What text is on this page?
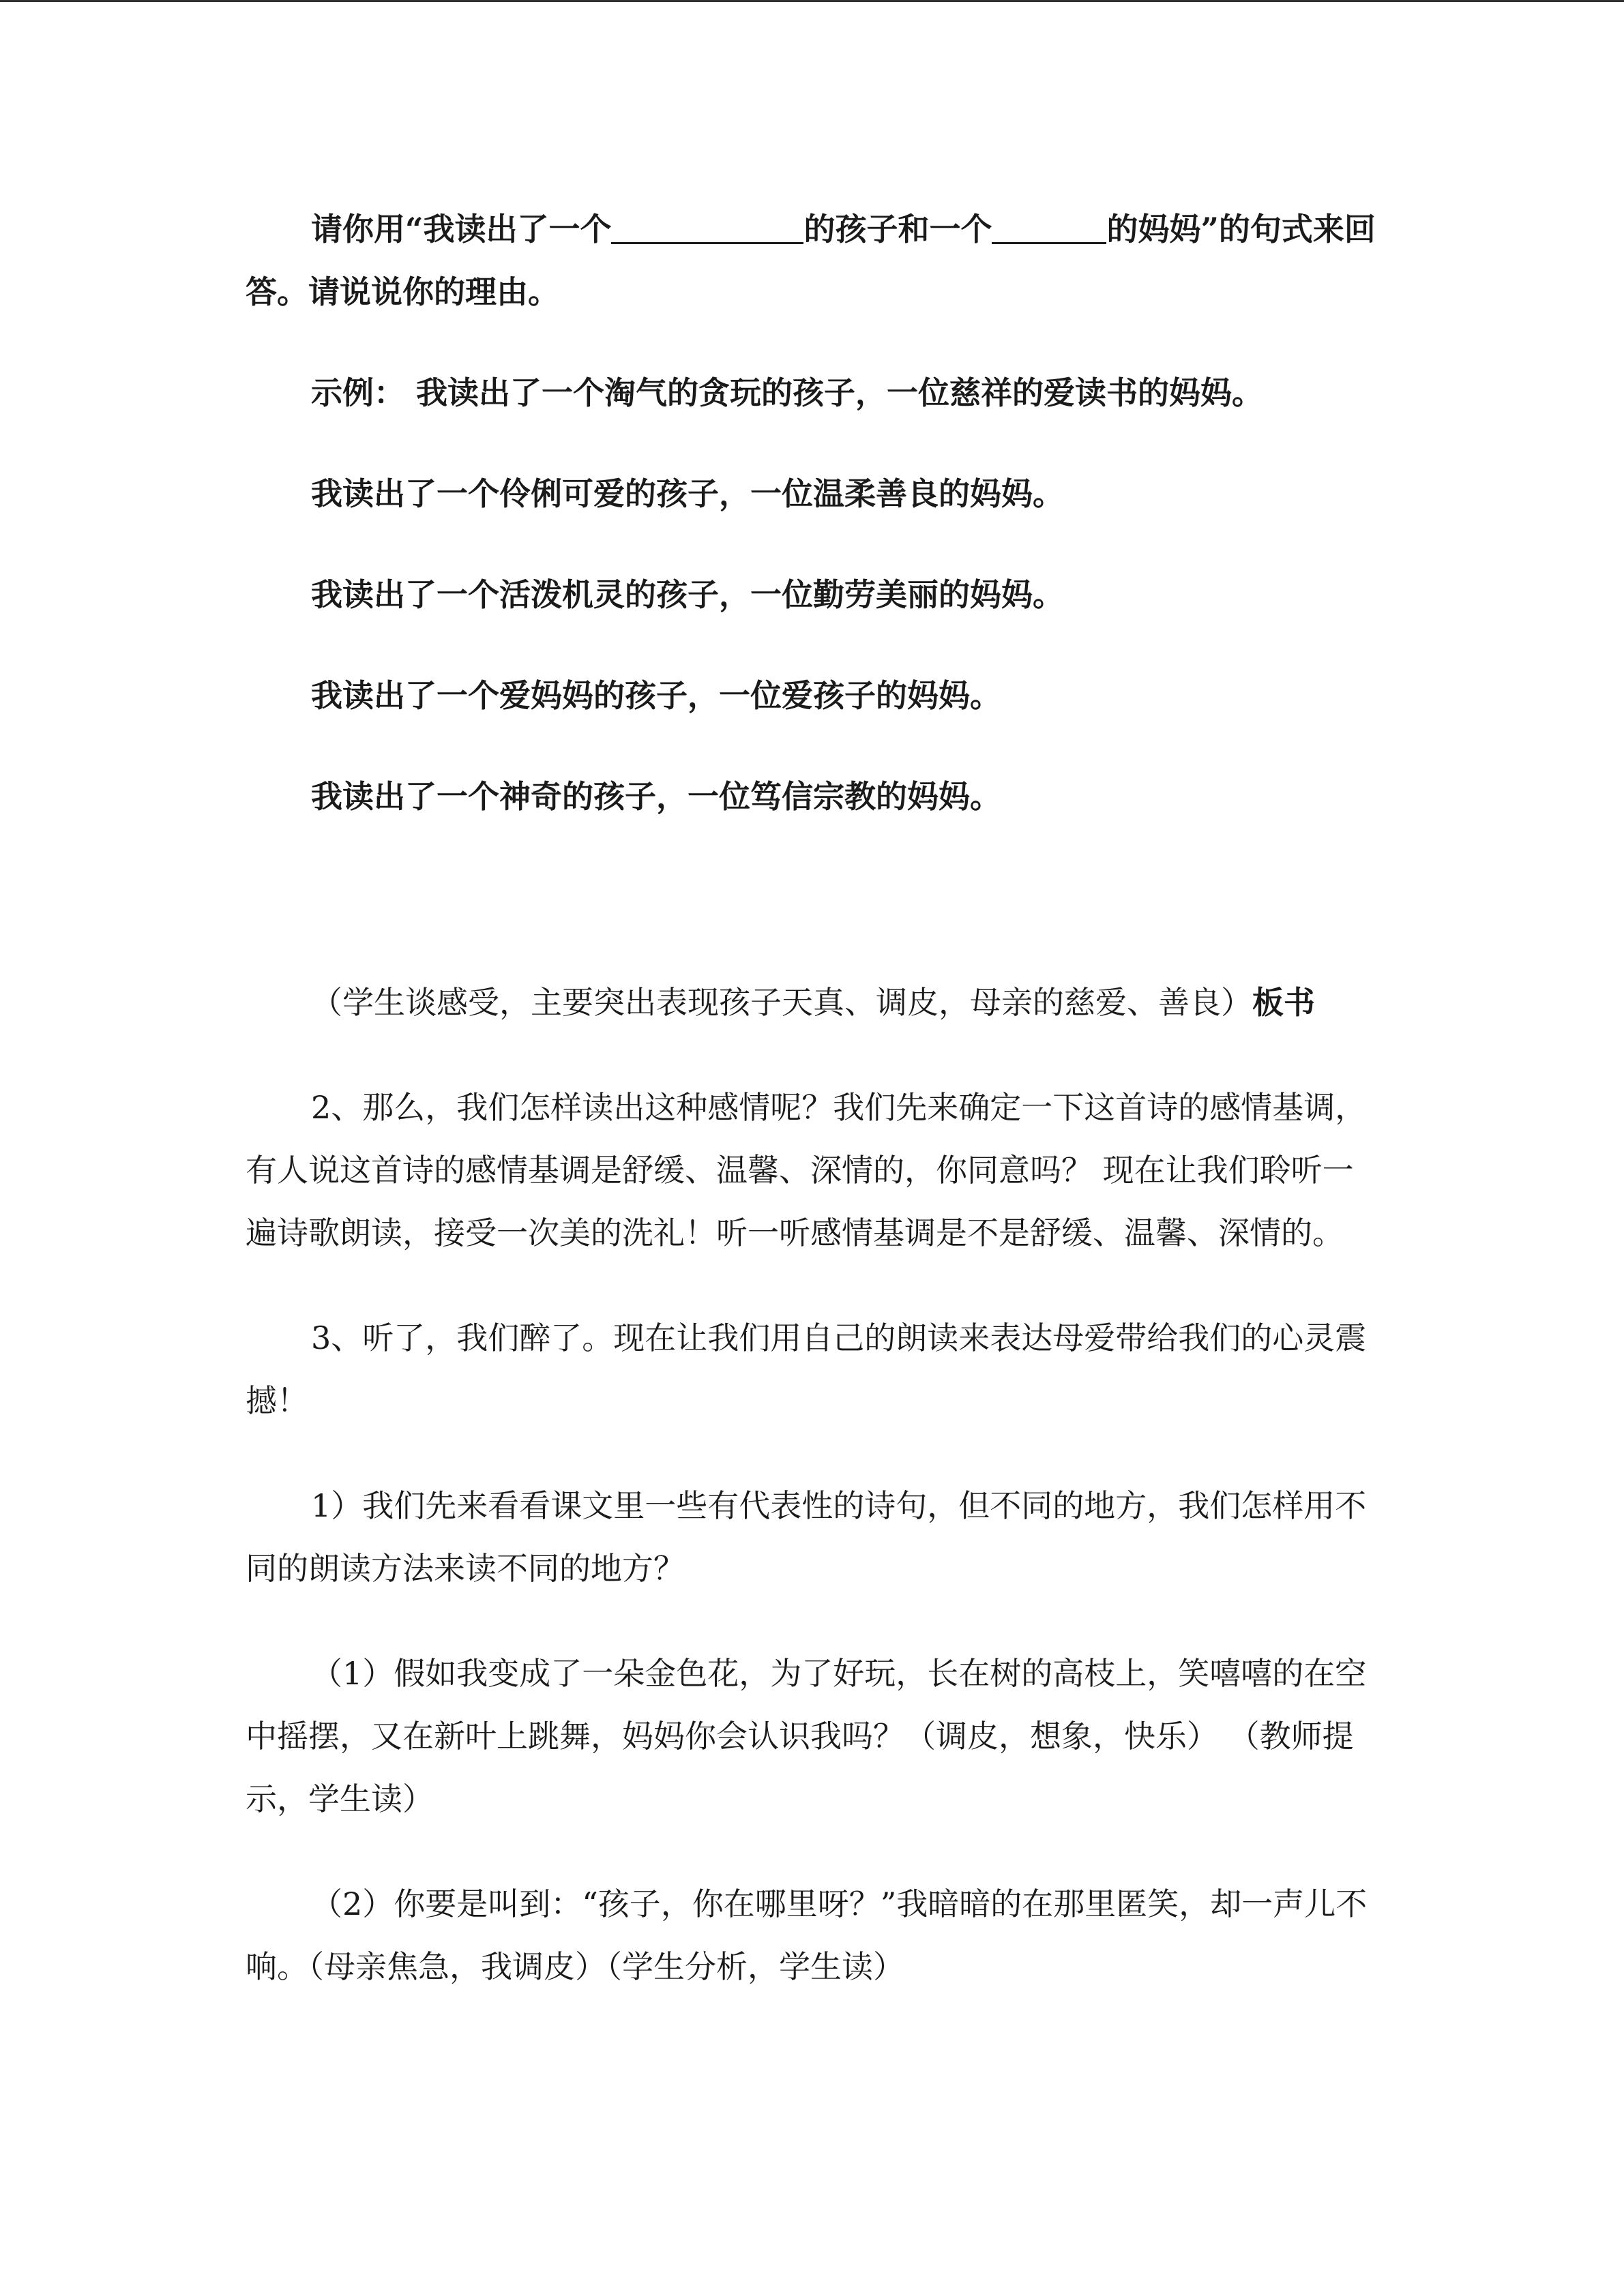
请你用“我读出了一个	的孩子和一个	的妈妈”的句式来回答。请说说你的理由。

示例： 我读出了一个淘气的贪玩的孩子，一位慈祥的爱读书的妈妈。

我读出了一个伶俐可爱的孩子，一位温柔善良的妈妈。

我读出了一个活泼机灵的孩子，一位勤劳美丽的妈妈。

我读出了一个爱妈妈的孩子，一位爱孩子的妈妈。

我读出了一个神奇的孩子，一位笃信宗教的妈妈。

（学生谈感受，主要突出表现孩子天真、调皮，母亲的慈爱、善良）板书

2、那么，我们怎样读出这种感情呢？我们先来确定一下这首诗的感情基调，有人说这首诗的感情基调是舒缓、温馨、深情的，你同意吗？ 现在让我们聆听一遍诗歌朗读，接受一次美的洗礼！听一听感情基调是不是舒缓、温馨、深情的。

3、听了，我们醉了。现在让我们用自己的朗读来表达母爱带给我们的心灵震撼！

1）我们先来看看课文里一些有代表性的诗句，但不同的地方，我们怎样用不同的朗读方法来读不同的地方？

（1）假如我变成了一朵金色花，为了好玩，长在树的高枝上，笑嘻嘻的在空中摇摆，又在新叶上跳舞，妈妈你会认识我吗？（调皮，想象，快乐） （教师提示，学生读）

（2）你要是叫到：“孩子，你在哪里呀？”我暗暗的在那里匿笑，却一声儿不响。（母亲焦急，我调皮）（学生分析，学生读）
